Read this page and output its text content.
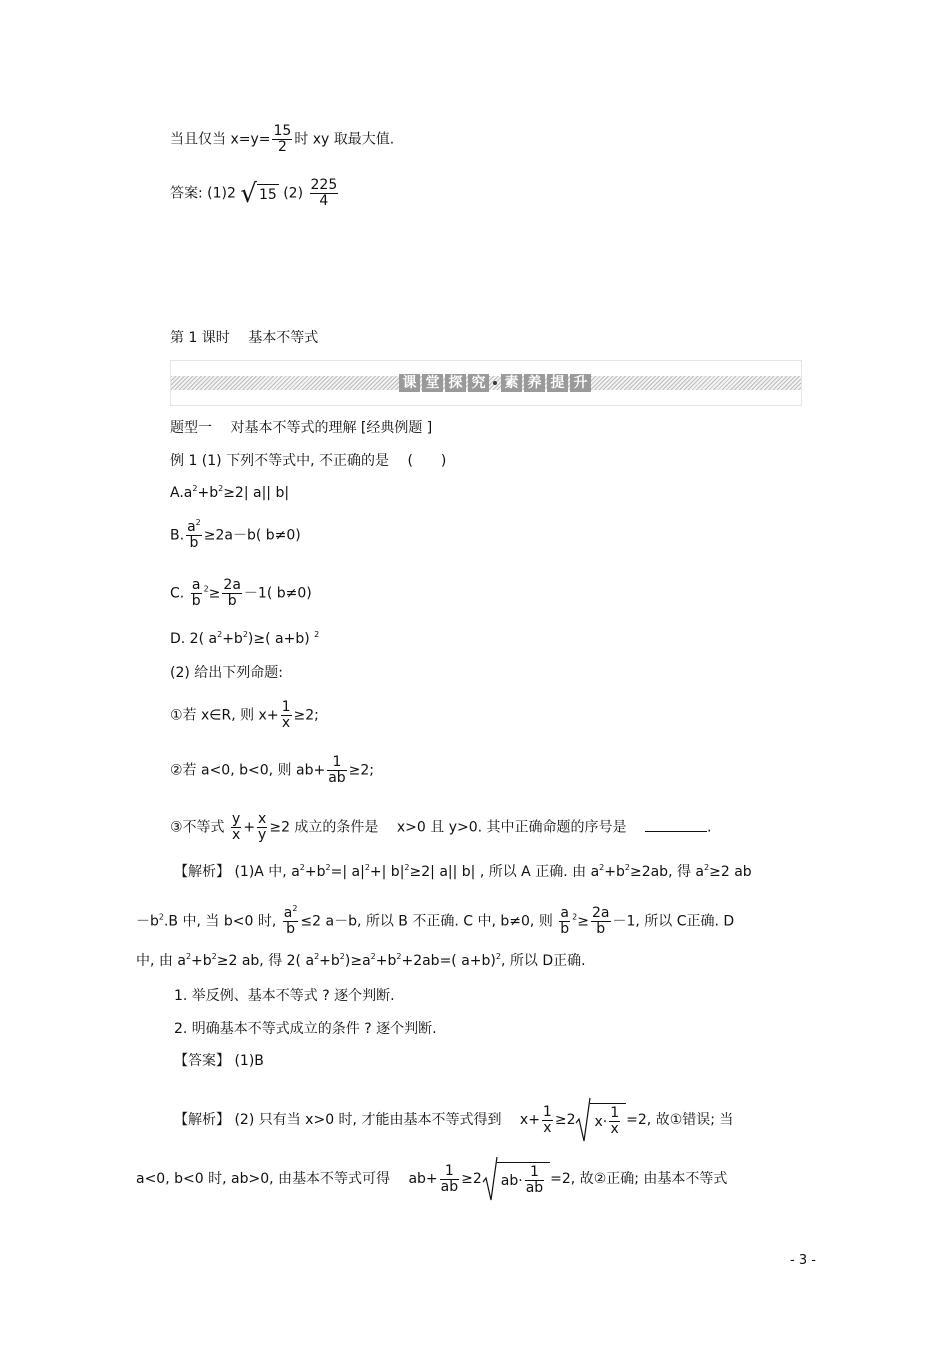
当且仅当 $x=y= \frac{15}{2}$ 时 xy 取最大值.
答案: (1)2 √ 15 $(2) \frac{225}{4}$
第 1 课时　 基本不等式
课 堂 探 究 素 养 提 升
题型一　 对基本不等式的理解 [经典例题 ]
例 1 (1) 下列不等式中, 不正确的是　 (　　)
$A.a^2+b^2\ge 2|$ a|| b|
B. $\frac{a^2}{b} \ge 2a-b$( b≠0)
C. $\frac{a}{b} ^2\ge \frac{2a}{b} -1$( b≠0)
D. 2( $a^2+b^2)\ge$( a+b) $^2$
(2) 给出下列命题:
①若 x∈R, 则 $x+ \frac{1}{x} \ge 2$;
②若 a<0, b<0, 则 $ab+ \frac{1}{ab} \ge 2$;
③不等式 $\frac{y}{x} + \frac{x}{y} \ge 2$ 成立的条件是　 x>0 且 y>0. 其中正确命题的序号是　	.
【解析】 (1)A 中, $a^2+b^2=|$ $a|^2+|$ $b|^2\ge 2|$ a|| b| , 所以 A 正确. 由 $a^2+b^2\ge 2ab$, 得 $a^2\ge 2$ ab
$-b^2.B$ 中, 当 b<0 时, $\frac{a^2}{b} \le 2$ a－b, 所以 B 不正确. C 中, b≠0, 则 $\frac{a}{b} ^2\ge \frac{2a}{b} -1$, 所以 C正确. D
中, 由 $a^2+b^2\ge 2$ ab, 得 2( $a^2+b^2)\ge a^2+b^2+2ab=$( a+b)$^2$, 所以 D正确.
1. 举反例、基本不等式 ? 逐个判断.
2. 明确基本不等式成立的条件 ? 逐个判断.
【答案】 (1)B
【解析】 (2) 只有当 x>0 时, 才能由基本不等式得到　 $x+ \frac{1}{x} \ge 2$ $x\cdot \frac{1}{x} =2$, 故①错误; 当
a<0, b<0 时, ab>0, 由基本不等式可得　 $ab+ \frac{1}{ab} \ge 2$ $ab\cdot \frac{1}{ab} =2$, 故②正确; 由基本不等式
- 3 -
